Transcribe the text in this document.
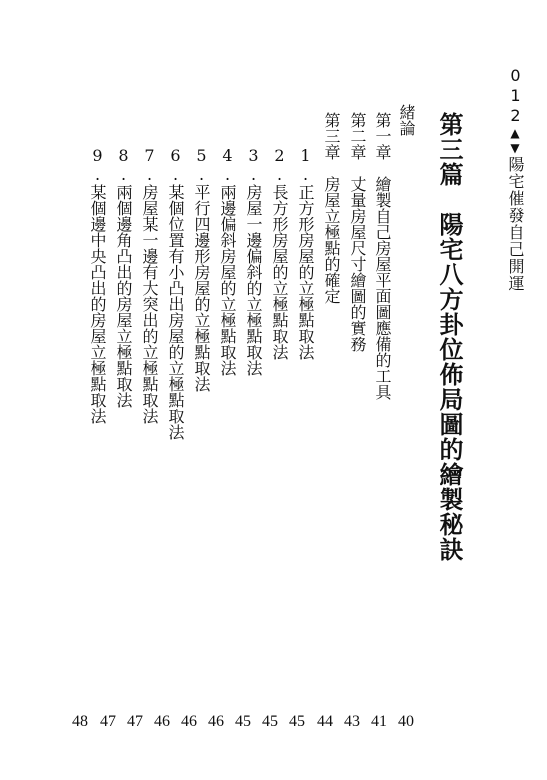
012▲▼陽宅催發自己開運
第三篇　陽宅八方卦位佈局圖的繪製秘訣
緒論
第一章　繪製自己房屋平面圖應備的工具
第二章　丈量房屋尺寸繪圖的實務
第三章　房屋立極點的確定
1.正方形房屋的立極點取法
2.長方形房屋的立極點取法
3.房屋一邊偏斜的立極點取法
4.兩邊偏斜房屋的立極點取法
5.平行四邊形房屋的立極點取法
6.某個位置有小凸出房屋的立極點取法
7.房屋某一邊有大突出的立極點取法
8.兩個邊角凸出的房屋立極點取法
9.某個邊中央凸出的房屋立極點取法
40
41
43
44
45
45
45
46
46
46
47
47
48
